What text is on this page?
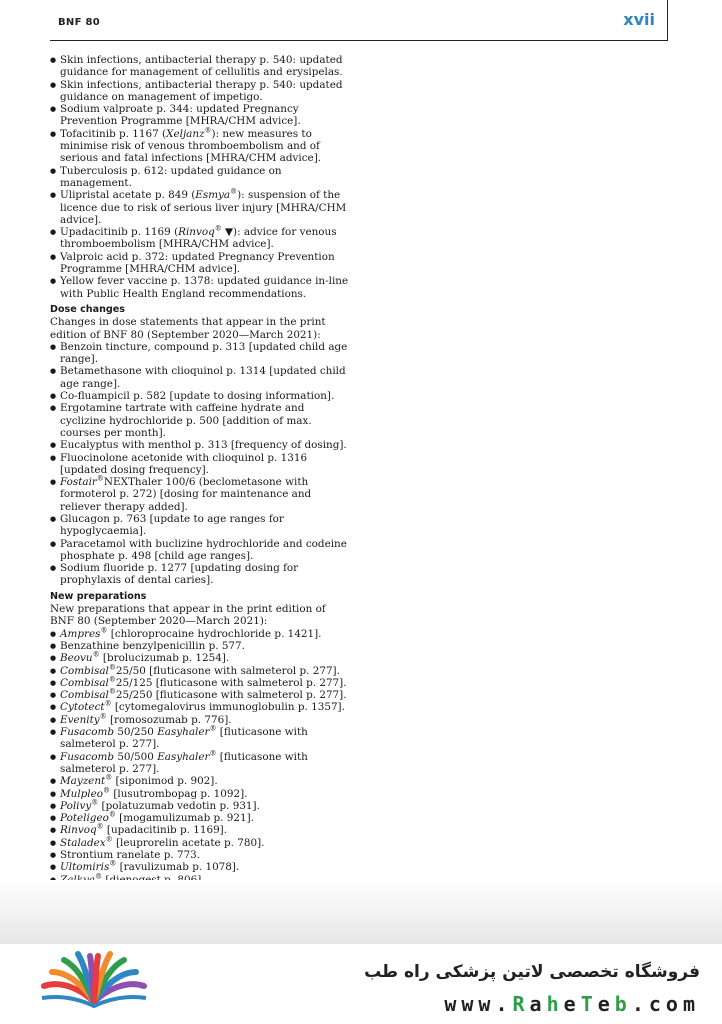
BNF 80	xvii
● Skin infections, antibacterial therapy p. 540: updated guidance for management of cellulitis and erysipelas.
● Skin infections, antibacterial therapy p. 540: updated guidance on management of impetigo.
● Sodium valproate p. 344: updated Pregnancy Prevention Programme [MHRA/CHM advice].
● Tofacitinib p. 1167 (Xeljanz®): new measures to minimise risk of venous thromboembolism and of serious and fatal infections [MHRA/CHM advice].
● Tuberculosis p. 612: updated guidance on management.
● Ulipristal acetate p. 849 (Esmya®): suspension of the licence due to risk of serious liver injury [MHRA/CHM advice].
● Upadacitinib p. 1169 (Rinvoq® ▼): advice for venous thromboembolism [MHRA/CHM advice].
● Valproic acid p. 372: updated Pregnancy Prevention Programme [MHRA/CHM advice].
● Yellow fever vaccine p. 1378: updated guidance in-line with Public Health England recommendations.
Dose changes

Changes in dose statements that appear in the print edition of BNF 80 (September 2020—March 2021):

● Benzoin tincture, compound p. 313 [updated child age range].
● Betamethasone with clioquinol p. 1314 [updated child age range].
● Co-fluampicil p. 582 [update to dosing information].
● Ergotamine tartrate with caffeine hydrate and cyclizine hydrochloride p. 500 [addition of max. courses per month].
● Eucalyptus with menthol p. 313 [frequency of dosing].
● Fluocinolone acetonide with clioquinol p. 1316 [updated dosing frequency].
● Fostair®NEXThaler 100/6 (beclometasone with formoterol p. 272) [dosing for maintenance and reliever therapy added].
● Glucagon p. 763 [update to age ranges for hypoglycaemia].
● Paracetamol with buclizine hydrochloride and codeine phosphate p. 498 [child age ranges].
● Sodium fluoride p. 1277 [updating dosing for prophylaxis of dental caries].
New preparations

New preparations that appear in the print edition of BNF 80 (September 2020—March 2021):

● Ampres® [chloroprocaine hydrochloride p. 1421].
● Benzathine benzylpenicillin p. 577.
● Beovu® [brolucizumab p. 1254].
● Combisal®25/50 [fluticasone with salmeterol p. 277].
● Combisal®25/125 [fluticasone with salmeterol p. 277].
● Combisal®25/250 [fluticasone with salmeterol p. 277].
● Cytotect® [cytomegalovirus immunoglobulin p. 1357].
● Evenity® [romosozumab p. 776].
● Fusacomb 50/250 Easyhaler® [fluticasone with salmeterol p. 277].
● Fusacomb 50/500 Easyhaler® [fluticasone with salmeterol p. 277].
● Mayzent® [siponimod p. 902].
● Mulpleo® [lusutrombopag p. 1092].
● Polivy® [polatuzumab vedotin p. 931].
● Poteligeo® [mogamulizumab p. 921].
● Rinvoq® [upadacitinib p. 1169].
● Staladex® [leuprorelin acetate p. 780].
● Strontium ranelate p. 773.
● Ultomiris® [ravulizumab p. 1078].
● ®
فروشگاه تخصصی لاتین پزشکی راه طب
www.RaheTeb.com
